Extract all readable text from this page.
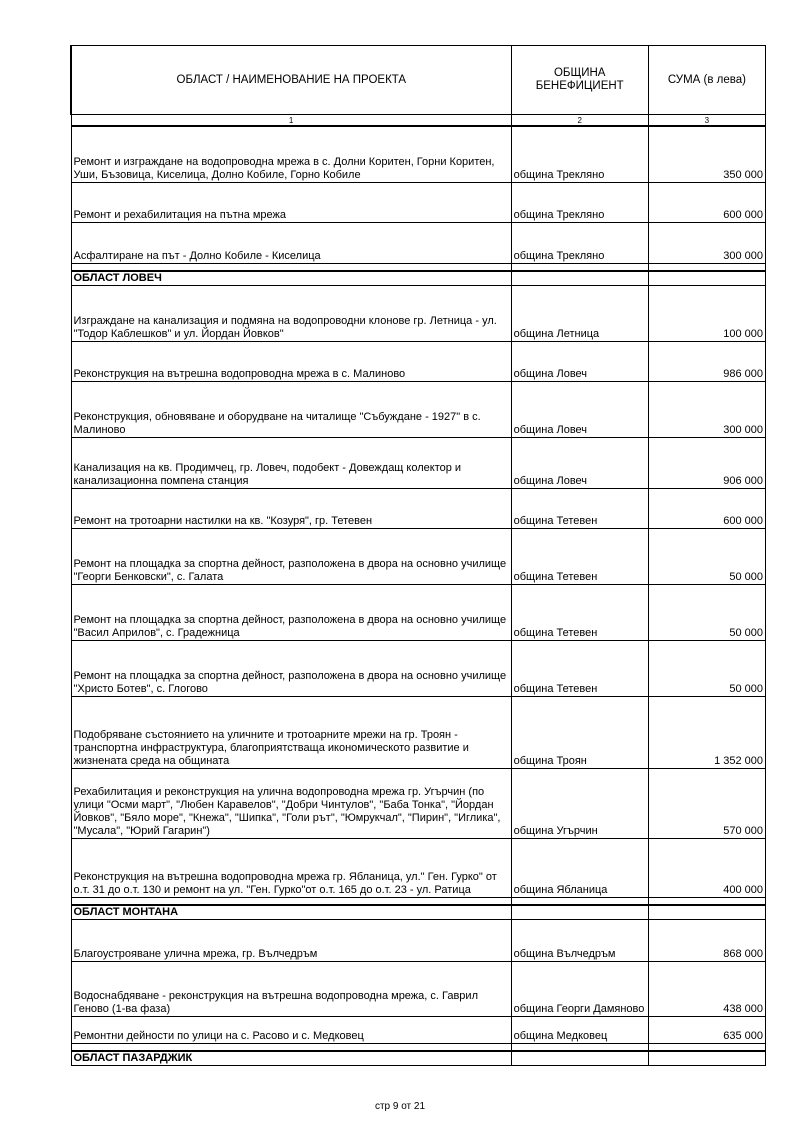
ОБЛАСТ / НАИМЕНОВАНИЕ НА ПРОЕКТА	ОБЩИНА БЕНЕФИЦИЕНТ	СУМА (в лева)
1	2	3
Ремонт и изграждане на водопроводна мрежа в с. Долни Коритен, Горни Коритен, Уши, Бъзовица, Киселица, Долно Кобиле, Горно Кобиле	община Трекляно	350 000
Ремонт и рехабилитация на пътна мрежа	община Трекляно	600 000
Асфалтиране на път - Долно Кобиле - Киселица	община Трекляно	300 000

ОБЛАСТ ЛОВЕЧ		
Изграждане на канализация и подмяна на водопроводни клонове гр. Летница - ул. "Тодор Каблешков" и ул. Йордан Йовков"	община Летница	100 000
Реконструкция на вътрешна водопроводна мрежа в с. Малиново	община Ловеч	986 000
Реконструкция, обновяване и оборудване на читалище "Събуждане - 1927" в с. Малиново	община Ловеч	300 000
Канализация на кв. Продимчец, гр. Ловеч, подобект - Довеждащ колектор и канализационна помпена станция	община Ловеч	906 000
Ремонт на тротоарни настилки на кв. "Козуря", гр. Тетевен	община Тетевен	600 000
Ремонт на площадка за спортна дейност, разположена в двора на основно училище "Георги Бенковски", с. Галата	община Тетевен	50 000
Ремонт на площадка за спортна дейност, разположена в двора на основно училище "Васил Априлов", с. Градежница	община Тетевен	50 000
Ремонт на площадка за спортна дейност, разположена в двора на основно училище "Христо Ботев", с. Глогово	община Тетевен	50 000
Подобряване състоянието на уличните и тротоарните мрежи на гр. Троян - транспортна инфраструктура, благоприятстваща икономическото развитие и жизнената среда на общината	община Троян	1 352 000
Рехабилитация и реконструкция на улична водопроводна мрежа гр. Угърчин (по улици "Осми март", "Любен Каравелов", "Добри Чинтулов", "Баба Тонка", "Йордан Йовков", "Бяло море", "Кнежа", "Шипка", "Голи рът", "Юмрукчал", "Пирин", "Иглика", "Мусала", "Юрий Гагарин")	община Угърчин	570 000
Реконструкция на вътрешна водопроводна мрежа гр. Ябланица, ул." Ген. Гурко" от о.т. 31 до о.т. 130 и ремонт на ул. "Ген. Гурко"от о.т. 165 до о.т. 23 - ул. Ратица	община Ябланица	400 000

ОБЛАСТ МОНТАНА		
Благоустрояване улична мрежа, гр. Вълчедръм	община Вълчедръм	868 000
Водоснабдяване - реконструкция на вътрешна водопроводна мрежа, с. Гаврил Геново (1-ва фаза)	община Георги Дамяново	438 000
Ремонтни дейности по улици на с. Расово и с. Медковец	община Медковец	635 000

ОБЛАСТ ПАЗАРДЖИК		
стр 9 от 21
